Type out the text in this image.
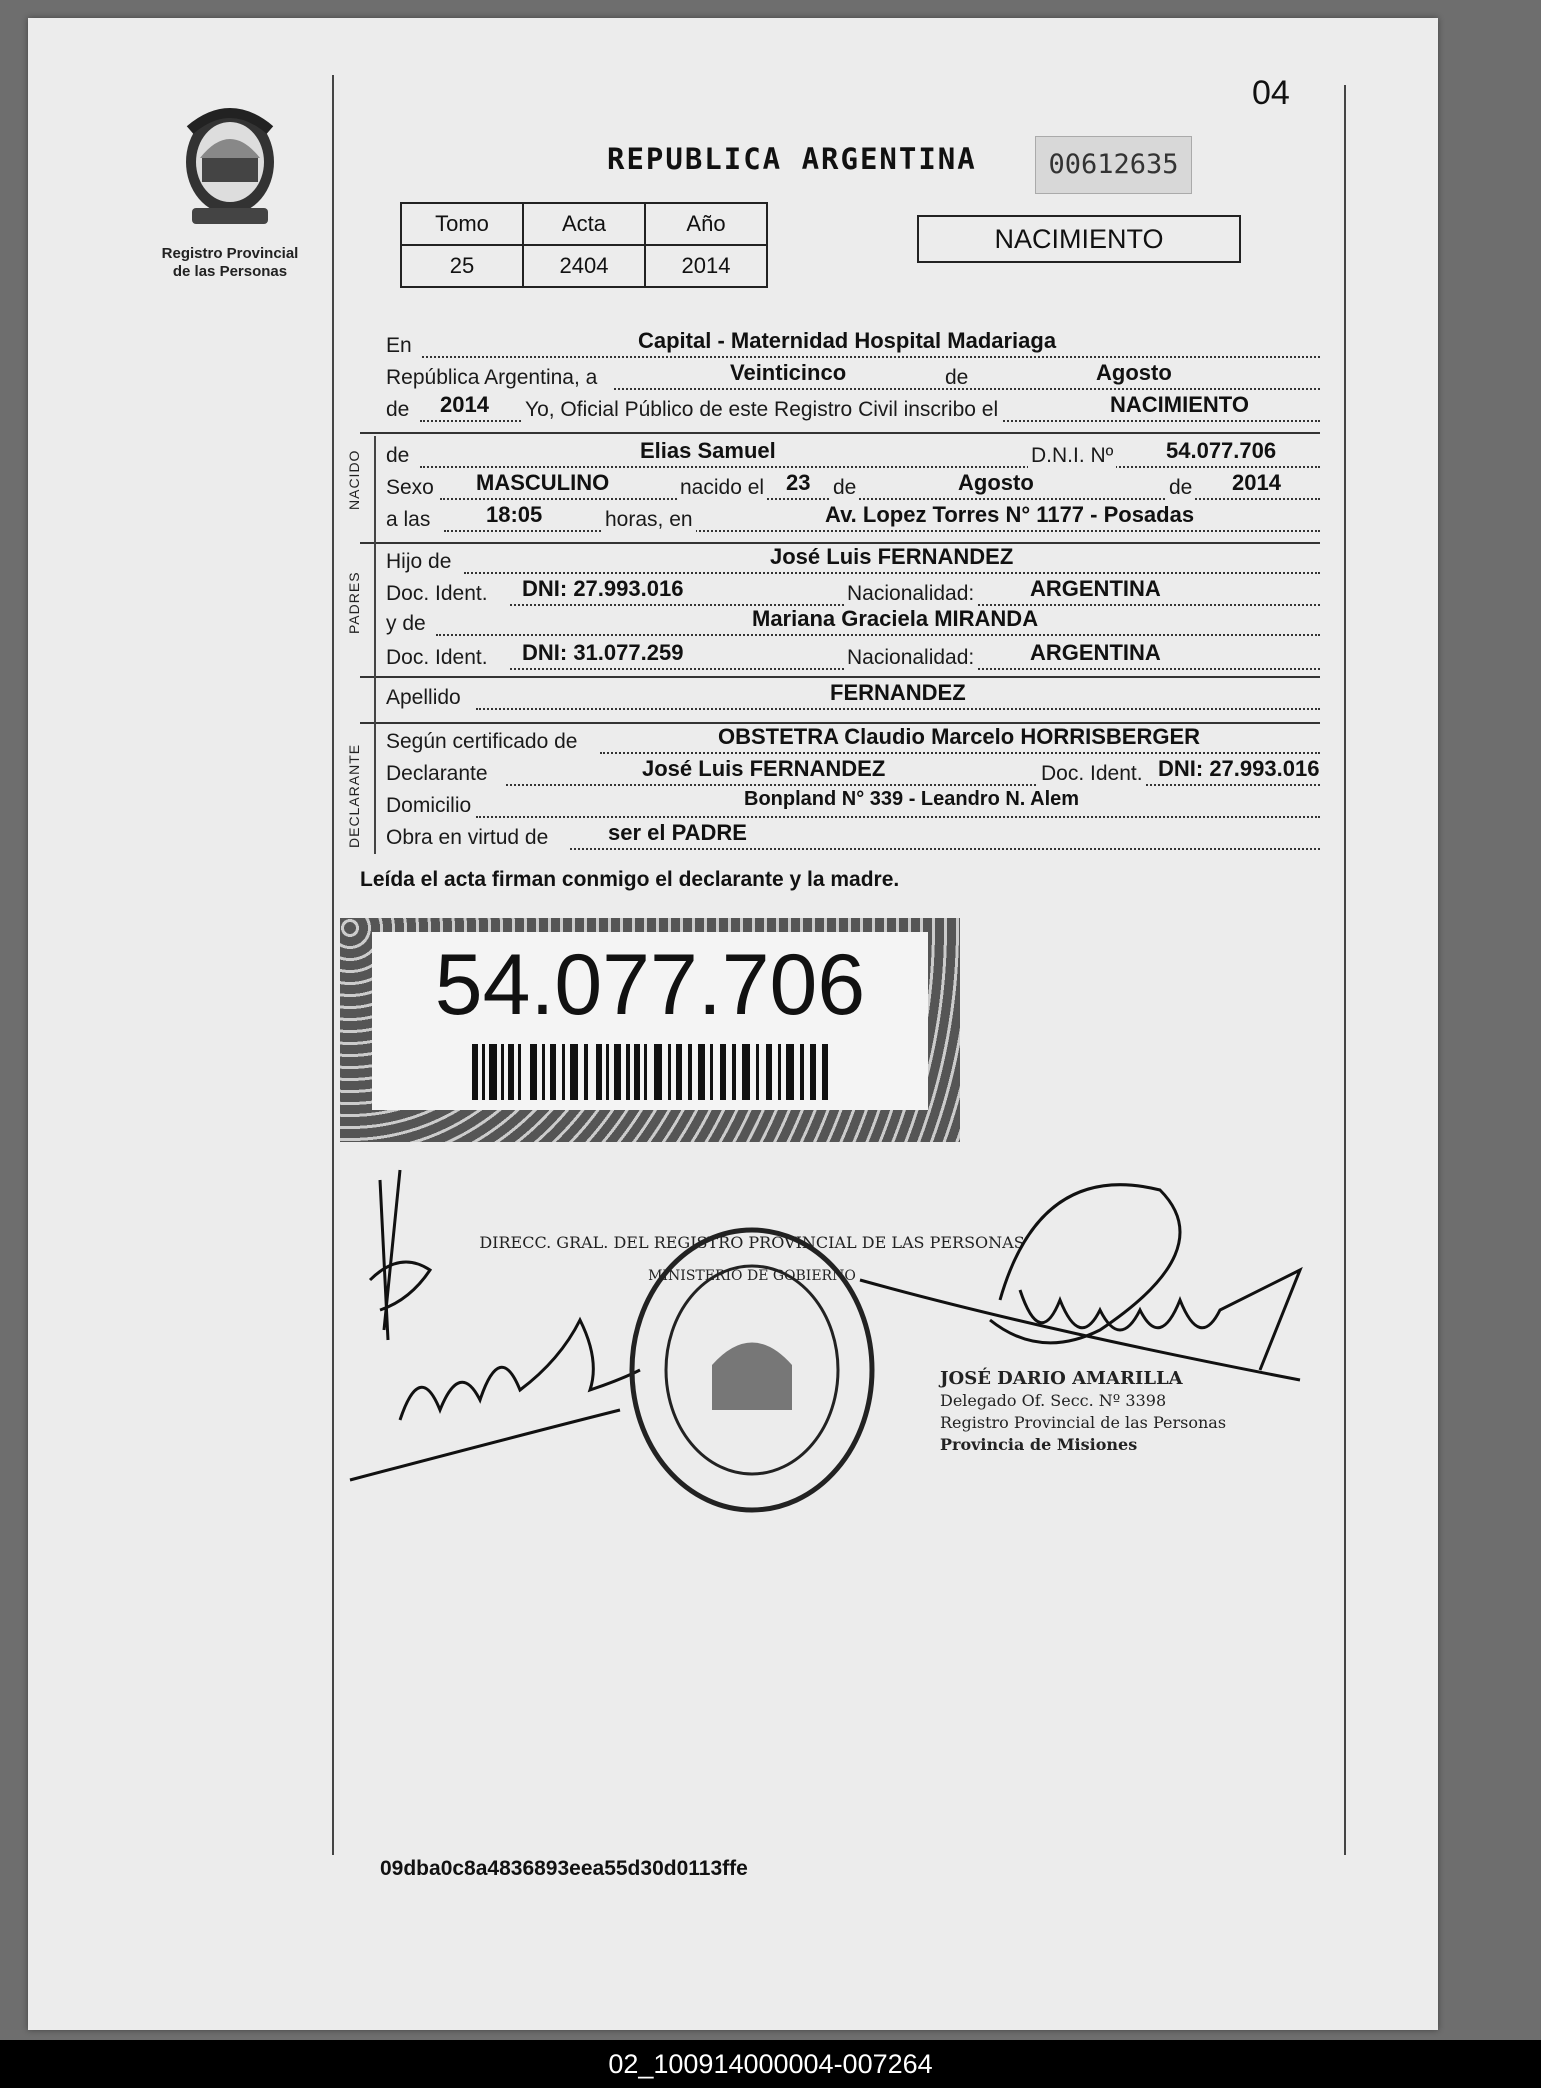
04
Registro Provincial
de las Personas
REPUBLICA ARGENTINA	00612635
Tomo	Acta	Año
25	2404	2014
NACIMIENTO
En	Capital - Maternidad Hospital Madariaga
República Argentina, a	Veinticinco	de	Agosto
de 2014 Yo, Oficial Público de este Registro Civil inscribo el	NACIMIENTO
NACIDO de	Elias Samuel	D.N.I. Nº 54.077.706
Sexo MASCULINO	nacido el 23 de	Agosto	de 2014
a las	18:05	horas, en	Av. Lopez Torres N° 1177 - Posadas
PADRES
Hijo de	José Luis FERNANDEZ
Doc. Ident. DNI: 27.993.016	Nacionalidad:	ARGENTINA
y de	Mariana Graciela MIRANDA
Doc. Ident. DNI: 31.077.259	Nacionalidad:	ARGENTINA
Apellido	FERNANDEZ
DECLARANTE
Según certificado de	OBSTETRA Claudio Marcelo HORRISBERGER
Declarante	José Luis FERNANDEZ	Doc. Ident. DNI: 27.993.016
Domicilio	Bonpland N° 339 - Leandro N. Alem
Obra en virtud de	ser el PADRE
Leída el acta firman conmigo el declarante y la madre.
54.077.706
DIRECC. GRAL. DEL REGISTRO PROVINCIAL DE LAS PERSONAS
MINISTERIO DE GOBIERNO
JOSÉ DARIO AMARILLA
Delegado Of. Secc. Nº 3398
Registro Provincial de las Personas
Provincia de Misiones
09dba0c8a4836893eea55d30d0113ffe
02_100914000004-007264
